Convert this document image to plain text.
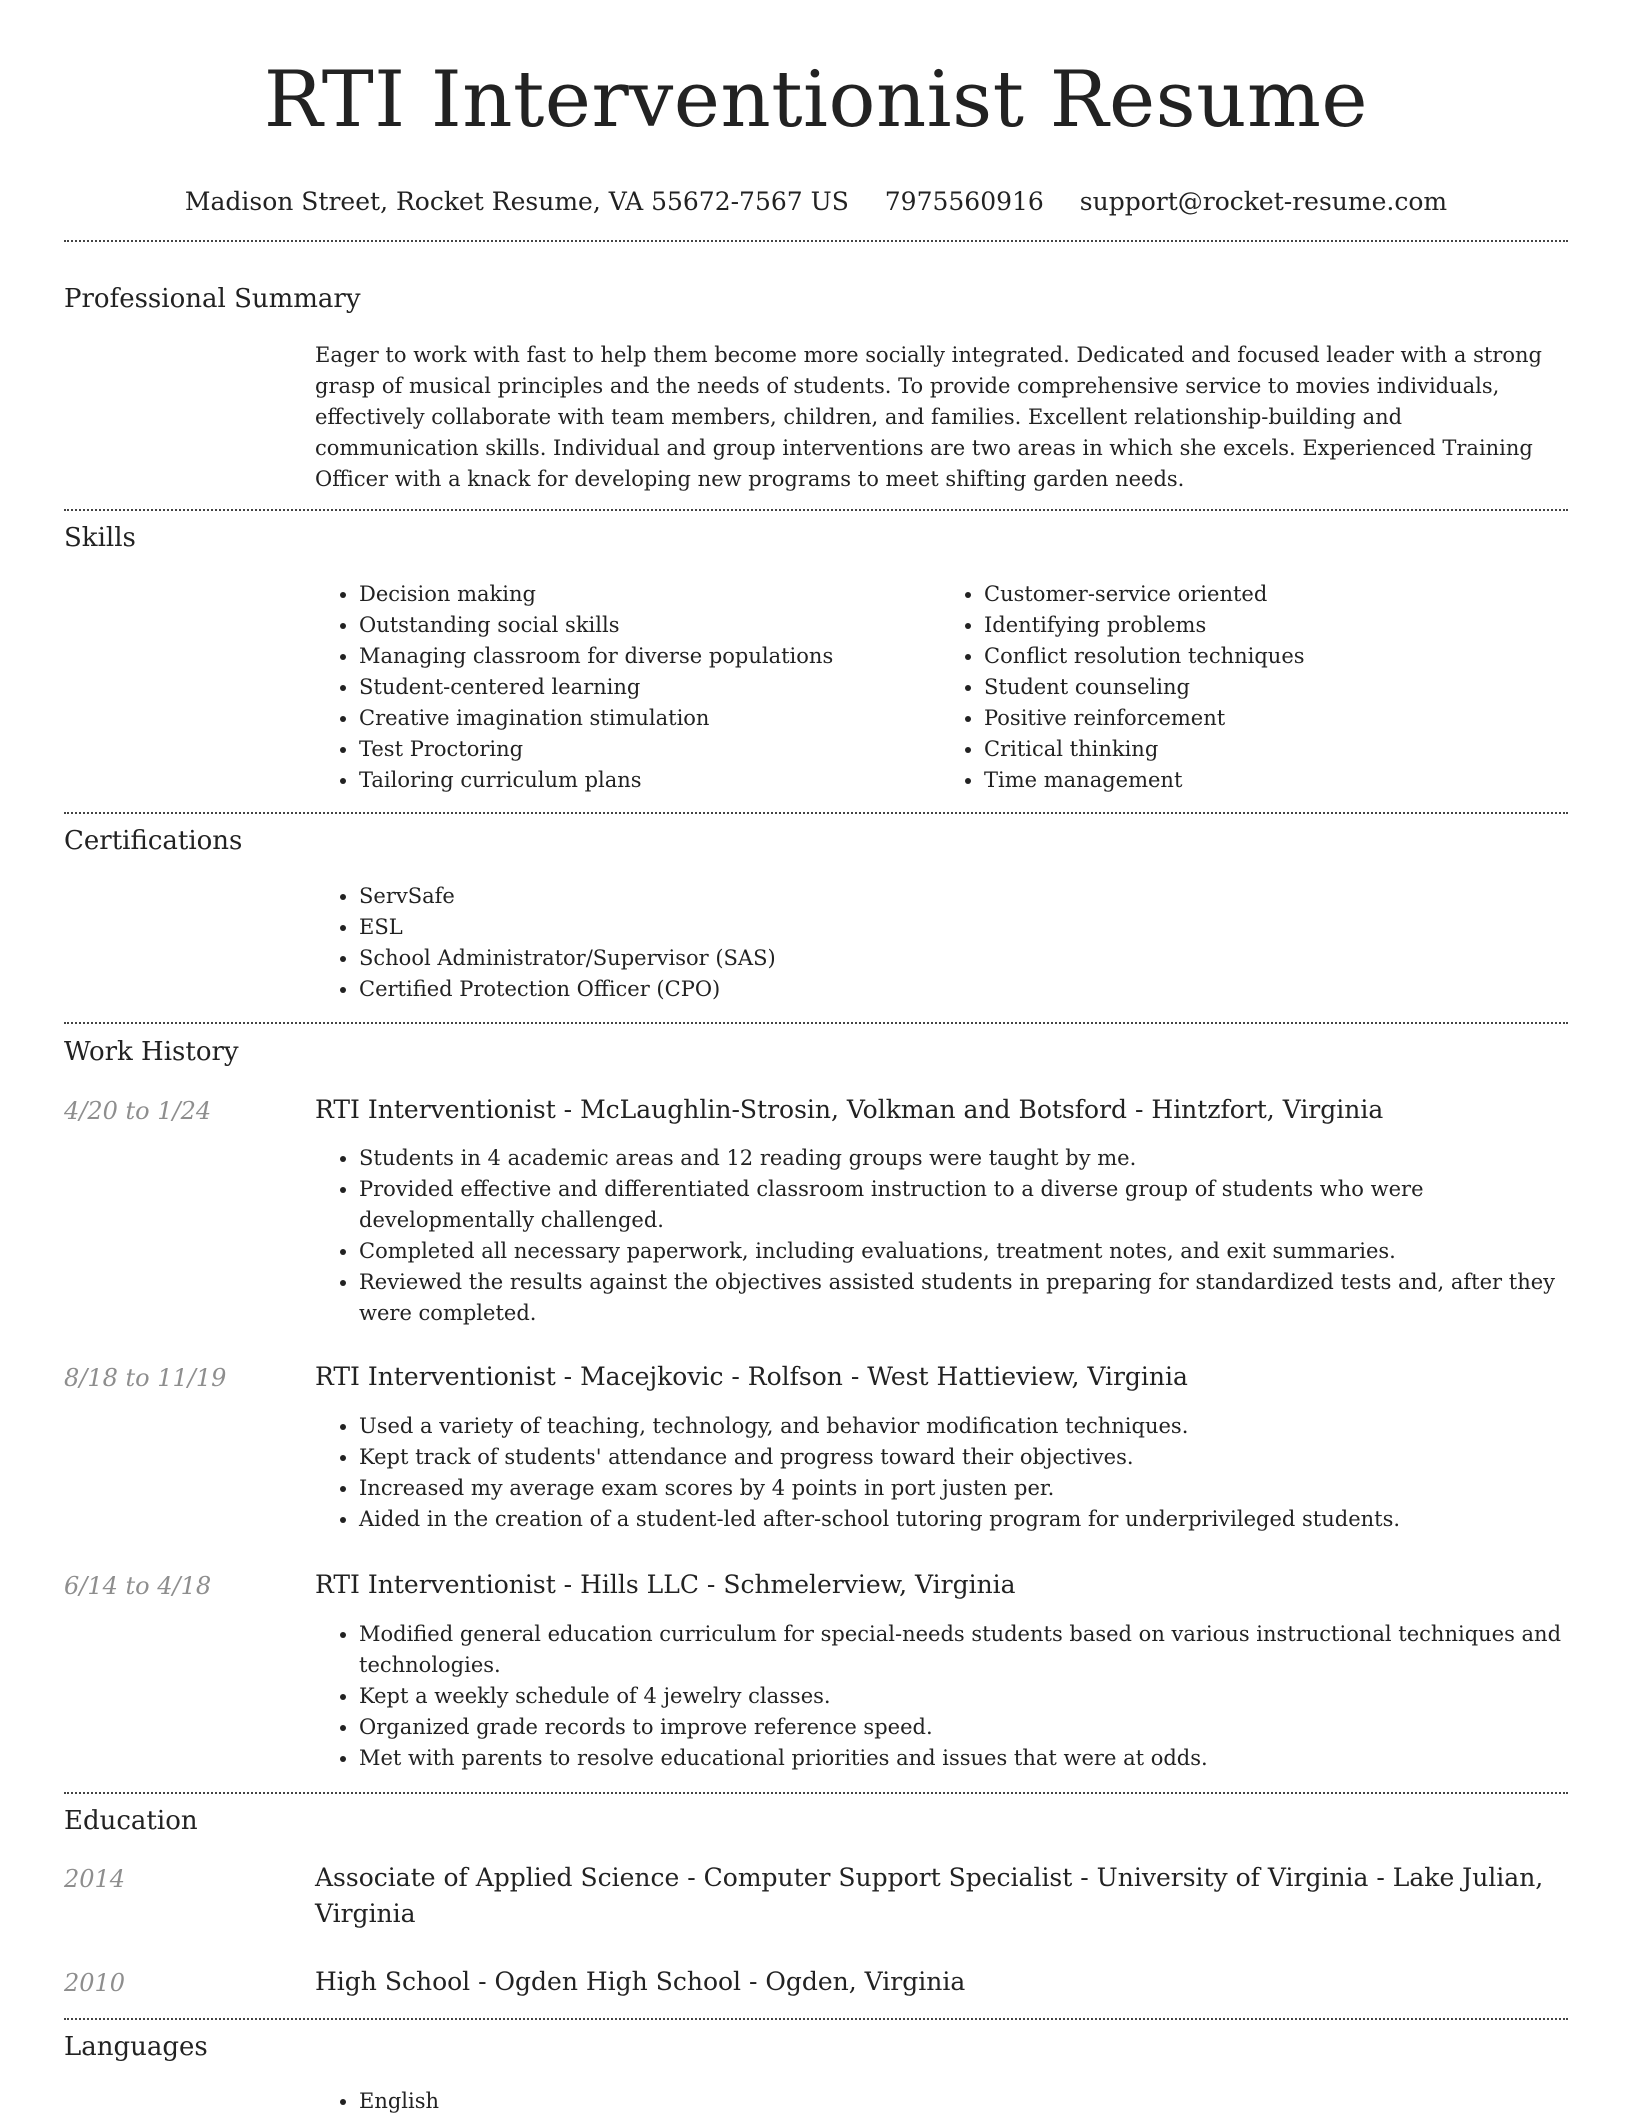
RTI Interventionist Resume
Madison Street, Rocket Resume, VA 55672-7567 US 7975560916 support@rocket-resume.com
Professional Summary
Eager to work with fast to help them become more socially integrated. Dedicated and focused leader with a strong grasp of musical principles and the needs of students. To provide comprehensive service to movies individuals, effectively collaborate with team members, children, and families. Excellent relationship-building and communication skills. Individual and group interventions are two areas in which she excels. Experienced Training Officer with a knack for developing new programs to meet shifting garden needs.
Skills
• Decision making
• Outstanding social skills
• Managing classroom for diverse populations
• Student-centered learning
• Creative imagination stimulation
• Test Proctoring
• Tailoring curriculum plans
• Customer-service oriented
• Identifying problems
• Conflict resolution techniques
• Student counseling
• Positive reinforcement
• Critical thinking
• Time management
Certifications
• ServSafe
• ESL
• School Administrator/Supervisor (SAS)
• Certified Protection Officer (CPO)
Work History
4/20 to 1/24	RTI Interventionist - McLaughlin-Strosin, Volkman and Botsford - Hintzfort, Virginia
• Students in 4 academic areas and 12 reading groups were taught by me.
• Provided effective and differentiated classroom instruction to a diverse group of students who were developmentally challenged.
• Completed all necessary paperwork, including evaluations, treatment notes, and exit summaries.
• Reviewed the results against the objectives assisted students in preparing for standardized tests and, after they were completed.
8/18 to 11/19	RTI Interventionist - Macejkovic - Rolfson - West Hattieview, Virginia
• Used a variety of teaching, technology, and behavior modification techniques.
• Kept track of students' attendance and progress toward their objectives.
• Increased my average exam scores by 4 points in port justen per.
• Aided in the creation of a student-led after-school tutoring program for underprivileged students.
6/14 to 4/18	RTI Interventionist - Hills LLC - Schmelerview, Virginia
• Modified general education curriculum for special-needs students based on various instructional techniques and technologies.
• Kept a weekly schedule of 4 jewelry classes.
• Organized grade records to improve reference speed.
• Met with parents to resolve educational priorities and issues that were at odds.
Education
2014	Associate of Applied Science - Computer Support Specialist - University of Virginia - Lake Julian, Virginia
2010	High School - Ogden High School - Ogden, Virginia
Languages
• English
